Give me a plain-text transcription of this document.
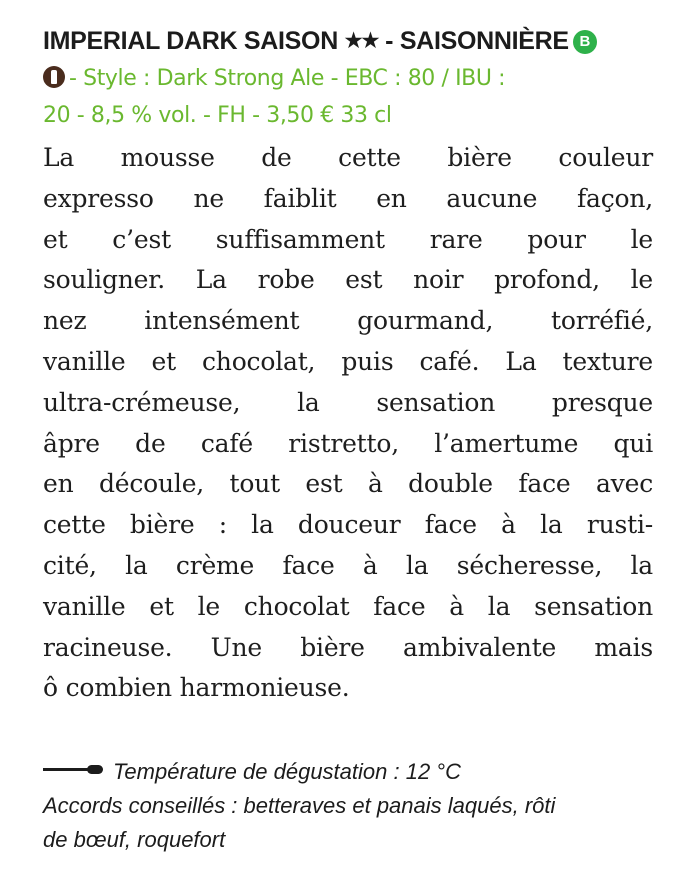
IMPERIAL DARK SAISON ★★ - SAISONNIÈRE B
- Style : Dark Strong Ale - EBC : 80 / IBU :
20 - 8,5 % vol. - FH - 3,50 € 33 cl
La mousse de cette bière couleur
expresso ne faiblit en aucune façon,
et c’est suffisamment rare pour le
souligner. La robe est noir profond, le
nez intensément gourmand, torréfié,
vanille et chocolat, puis café. La texture
ultra-crémeuse, la sensation presque
âpre de café ristretto, l’amertume qui
en découle, tout est à double face avec
cette bière : la douceur face à la rusti-
cité, la crème face à la sécheresse, la
vanille et le chocolat face à la sensation
racineuse. Une bière ambivalente mais
ô combien harmonieuse.
Température de dégustation : 12 °C
Accords conseillés : betteraves et panais laqués, rôti
de bœuf, roquefort
